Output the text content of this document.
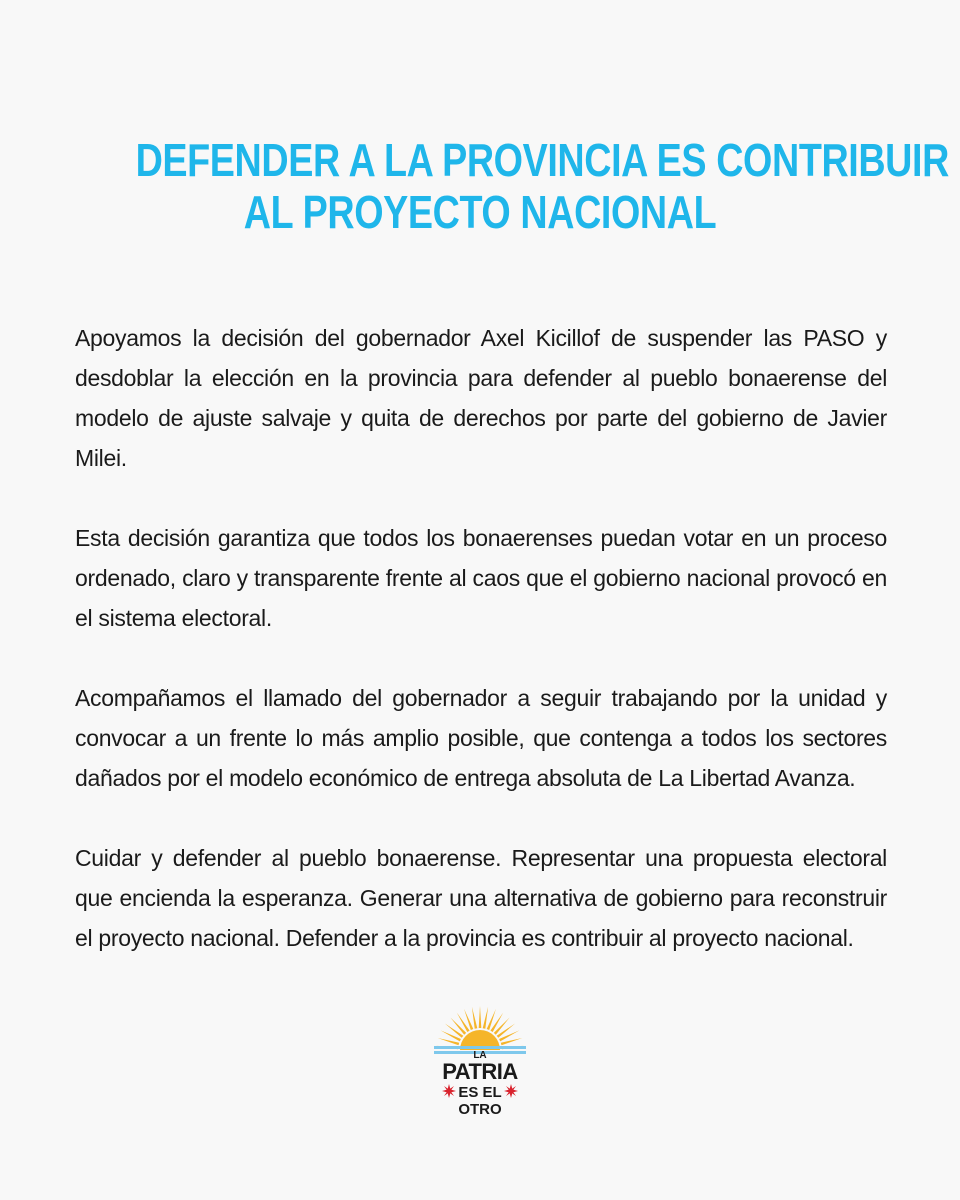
DEFENDER A LA PROVINCIA ES CONTRIBUIR
AL PROYECTO NACIONAL

Apoyamos la decisión del gobernador Axel Kicillof de suspender las PASO y desdoblar la elección en la provincia para defender al pueblo bonaerense del modelo de ajuste salvaje y quita de derechos por parte del gobierno de Javier Milei.

Esta decisión garantiza que todos los bonaerenses puedan votar en un proceso ordenado, claro y transparente frente al caos que el gobierno nacional provocó en el sistema electoral.

Acompañamos el llamado del gobernador a seguir trabajando por la unidad y convocar a un frente lo más amplio posible, que contenga a todos los sectores dañados por el modelo económico de entrega absoluta de La Libertad Avanza.

Cuidar y defender al pueblo bonaerense. Representar una propuesta electoral que encienda la esperanza. Generar una alternativa de gobierno para reconstruir el proyecto nacional. Defender a la provincia es contribuir al proyecto nacional.

LA
PATRIA
ES EL
OTRO
